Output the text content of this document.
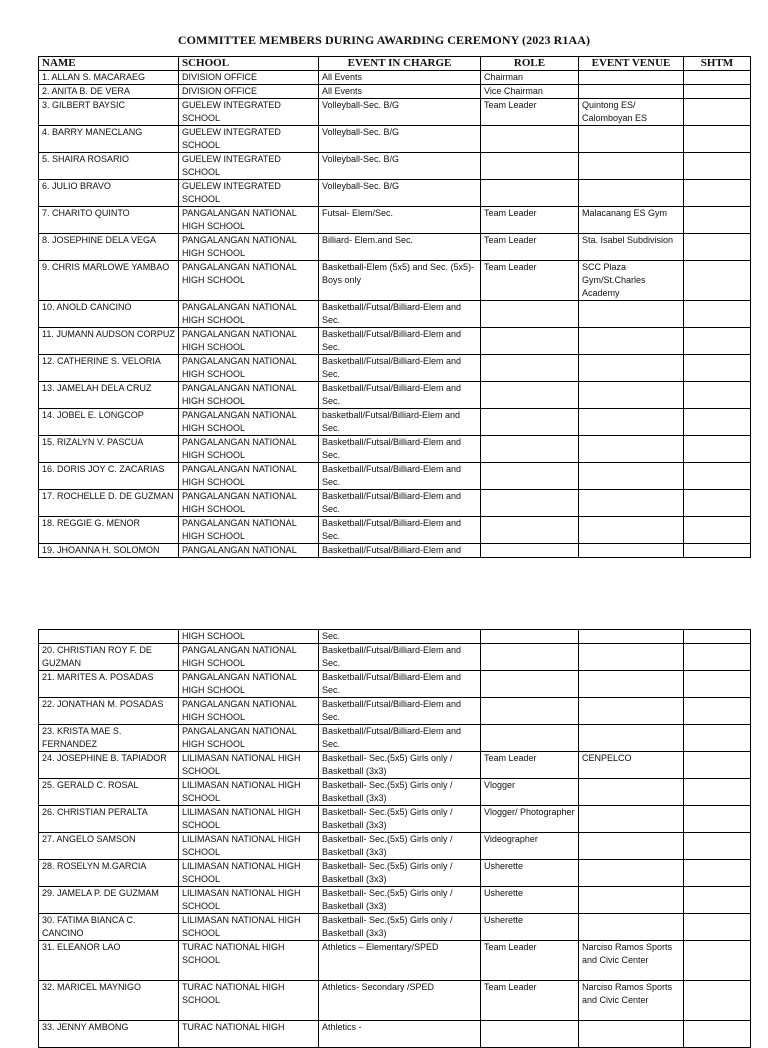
COMMITTEE MEMBERS DURING AWARDING CEREMONY (2023 R1AA)
NAME	SCHOOL	EVENT IN CHARGE	ROLE	EVENT VENUE	SHTM
1. ALLAN S. MACARAEG	DIVISION OFFICE	All Events	Chairman		
2. ANITA B. DE VERA	DIVISION OFFICE	All Events	Vice Chairman		
3. GILBERT BAYSIC	GUELEW INTEGRATED SCHOOL	Volleyball-Sec. B/G	Team Leader	Quintong ES/ Calomboyan ES	
4. BARRY MANECLANG	GUELEW INTEGRATED SCHOOL	Volleyball-Sec. B/G			
5. SHAIRA ROSARIO	GUELEW INTEGRATED SCHOOL	Volleyball-Sec. B/G			
6. JULIO BRAVO	GUELEW INTEGRATED SCHOOL	Volleyball-Sec. B/G			
7. CHARITO QUINTO	PANGALANGAN NATIONAL HIGH SCHOOL	Futsal- Elem/Sec.	Team Leader	Malacanang ES Gym	
8. JOSEPHINE DELA VEGA	PANGALANGAN NATIONAL HIGH SCHOOL	Billiard- Elem.and Sec.	Team Leader	Sta. Isabel Subdivision	
9. CHRIS MARLOWE YAMBAO	PANGALANGAN NATIONAL HIGH SCHOOL	Basketball-Elem (5x5) and Sec. (5x5)- Boys only	Team Leader	SCC Plaza Gym/St.Charles Academy	
10. ANOLD CANCINO	PANGALANGAN NATIONAL HIGH SCHOOL	Basketball/Futsal/Billiard-Elem and Sec.			
11. JUMANN AUDSON CORPUZ	PANGALANGAN NATIONAL HIGH SCHOOL	Basketball/Futsal/Billiard-Elem and Sec.			
12. CATHERINE S. VELORIA	PANGALANGAN NATIONAL HIGH SCHOOL	Basketball/Futsal/Billiard-Elem and Sec.			
13. JAMELAH DELA CRUZ	PANGALANGAN NATIONAL HIGH SCHOOL	Basketball/Futsal/Billiard-Elem and Sec.			
14. JOBEL E. LONGCOP	PANGALANGAN NATIONAL HIGH SCHOOL	basketball/Futsal/Billiard-Elem and Sec.			
15. RIZALYN V. PASCUA	PANGALANGAN NATIONAL HIGH SCHOOL	Basketball/Futsal/Billiard-Elem and Sec.			
16. DORIS JOY C. ZACARIAS	PANGALANGAN NATIONAL HIGH SCHOOL	Basketball/Futsal/Billiard-Elem and Sec.			
17. ROCHELLE D. DE GUZMAN	PANGALANGAN NATIONAL HIGH SCHOOL	Basketball/Futsal/Billiard-Elem and Sec.			
18. REGGIE G. MENOR	PANGALANGAN NATIONAL HIGH SCHOOL	Basketball/Futsal/Billiard-Elem and Sec.			
19. JHOANNA H. SOLOMON	PANGALANGAN NATIONAL	Basketball/Futsal/Billiard-Elem and			
	HIGH SCHOOL	Sec.			
20. CHRISTIAN ROY F. DE GUZMAN	PANGALANGAN NATIONAL HIGH SCHOOL	Basketball/Futsal/Billiard-Elem and Sec.			
21. MARITES A. POSADAS	PANGALANGAN NATIONAL HIGH SCHOOL	Basketball/Futsal/Billiard-Elem and Sec.			
22. JONATHAN M. POSADAS	PANGALANGAN NATIONAL HIGH SCHOOL	Basketball/Futsal/Billiard-Elem and Sec.			
23. KRISTA MAE S. FERNANDEZ	PANGALANGAN NATIONAL HIGH SCHOOL	Basketball/Futsal/Billiard-Elem and Sec.			
24. JOSEPHINE B. TAPIADOR	LILIMASAN NATIONAL HIGH SCHOOL	Basketball- Sec.(5x5) Girls only / Basketball (3x3)	Team Leader	CENPELCO	
25. GERALD C. ROSAL	LILIMASAN NATIONAL HIGH SCHOOL	Basketball- Sec.(5x5) Girls only / Basketball (3x3)	Vlogger		
26. CHRISTIAN PERALTA	LILIMASAN NATIONAL HIGH SCHOOL	Basketball- Sec.(5x5) Girls only / Basketball (3x3)	Vlogger/ Photographer		
27. ANGELO SAMSON	LILIMASAN NATIONAL HIGH SCHOOL	Basketball- Sec.(5x5) Girls only / Basketball (3x3)	Videographer		
28. ROSELYN M.GARCIA	LILIMASAN NATIONAL HIGH SCHOOL	Basketball- Sec.(5x5) Girls only / Basketball (3x3)	Usherette		
29. JAMELA P. DE GUZMAM	LILIMASAN NATIONAL HIGH SCHOOL	Basketball- Sec.(5x5) Girls only / Basketball (3x3)	Usherette		
30. FATIMA BIANCA C. CANCINO	LILIMASAN NATIONAL HIGH SCHOOL	Basketball- Sec.(5x5) Girls only / Basketball (3x3)	Usherette		
31. ELEANOR LAO	TURAC NATIONAL HIGH SCHOOL	Athletics – Elementary/SPED	Team Leader	Narciso Ramos Sports and Civic Center	
32. MARICEL MAYNIGO	TURAC NATIONAL HIGH SCHOOL	Athletics- Secondary /SPED	Team Leader	Narciso Ramos Sports and Civic Center	
33. JENNY AMBONG	TURAC NATIONAL HIGH	Athletics -			
